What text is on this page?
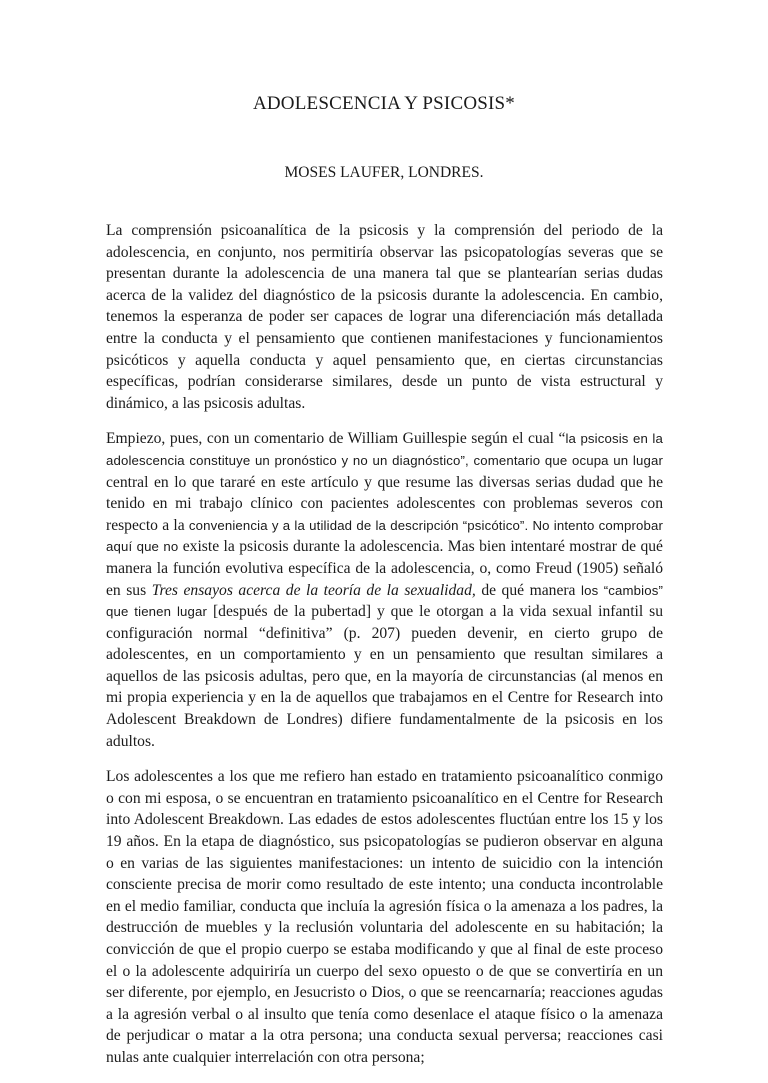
ADOLESCENCIA Y PSICOSIS*

MOSES LAUFER, LONDRES.

La comprensión psicoanalítica de la psicosis y la comprensión del periodo de la adolescencia, en conjunto, nos permitiría observar las psicopatologías severas que se presentan durante la adolescencia de una manera tal que se plantearían serias dudas acerca de la validez del diagnóstico de la psicosis durante la adolescencia. En cambio, tenemos la esperanza de poder ser capaces de lograr una diferenciación más detallada entre la conducta y el pensamiento que contienen manifestaciones y funcionamientos psicóticos y aquella conducta y aquel pensamiento que, en ciertas circunstancias específicas, podrían considerarse similares, desde un punto de vista estructural y dinámico, a las psicosis adultas.

Empiezo, pues, con un comentario de William Guillespie según el cual “la psicosis en la adolescencia constituye un pronóstico y no un diagnóstico”, comentario que ocupa un lugar central en lo que tararé en este artículo y que resume las diversas serias dudad que he tenido en mi trabajo clínico con pacientes adolescentes con problemas severos con respecto a la conveniencia y a la utilidad de la descripción “psicótico”. No intento comprobar aquí que no existe la psicosis durante la adolescencia. Mas bien intentaré mostrar de qué manera la función evolutiva específica de la adolescencia, o, como Freud (1905) señaló en sus Tres ensayos acerca de la teoría de la sexualidad, de qué manera los “cambios” que tienen lugar [después de la pubertad] y que le otorgan a la vida sexual infantil su configuración normal “definitiva” (p. 207) pueden devenir, en cierto grupo de adolescentes, en un comportamiento y en un pensamiento que resultan similares a aquellos de las psicosis adultas, pero que, en la mayoría de circunstancias (al menos en mi propia experiencia y en la de aquellos que trabajamos en el Centre for Research into Adolescent Breakdown de Londres) difiere fundamentalmente de la psicosis en los adultos.

Los adolescentes a los que me refiero han estado en tratamiento psicoanalítico conmigo o con mi esposa, o se encuentran en tratamiento psicoanalítico en el Centre for Research into Adolescent Breakdown. Las edades de estos adolescentes fluctúan entre los 15 y los 19 años. En la etapa de diagnóstico, sus psicopatologías se pudieron observar en alguna o en varias de las siguientes manifestaciones: un intento de suicidio con la intención consciente precisa de morir como resultado de este intento; una conducta incontrolable en el medio familiar, conducta que incluía la agresión física o la amenaza a los padres, la destrucción de muebles y la reclusión voluntaria del adolescente en su habitación; la convicción de que el propio cuerpo se estaba modificando y que al final de este proceso el o la adolescente adquiriría un cuerpo del sexo opuesto o de que se convertiría en un ser diferente, por ejemplo, en Jesucristo o Dios, o que se reencarnaría; reacciones agudas a la agresión verbal o al insulto que tenía como desenlace el ataque físico o la amenaza de perjudicar o matar a la otra persona; una conducta sexual perversa; reacciones casi nulas ante cualquier interrelación con otra persona;
